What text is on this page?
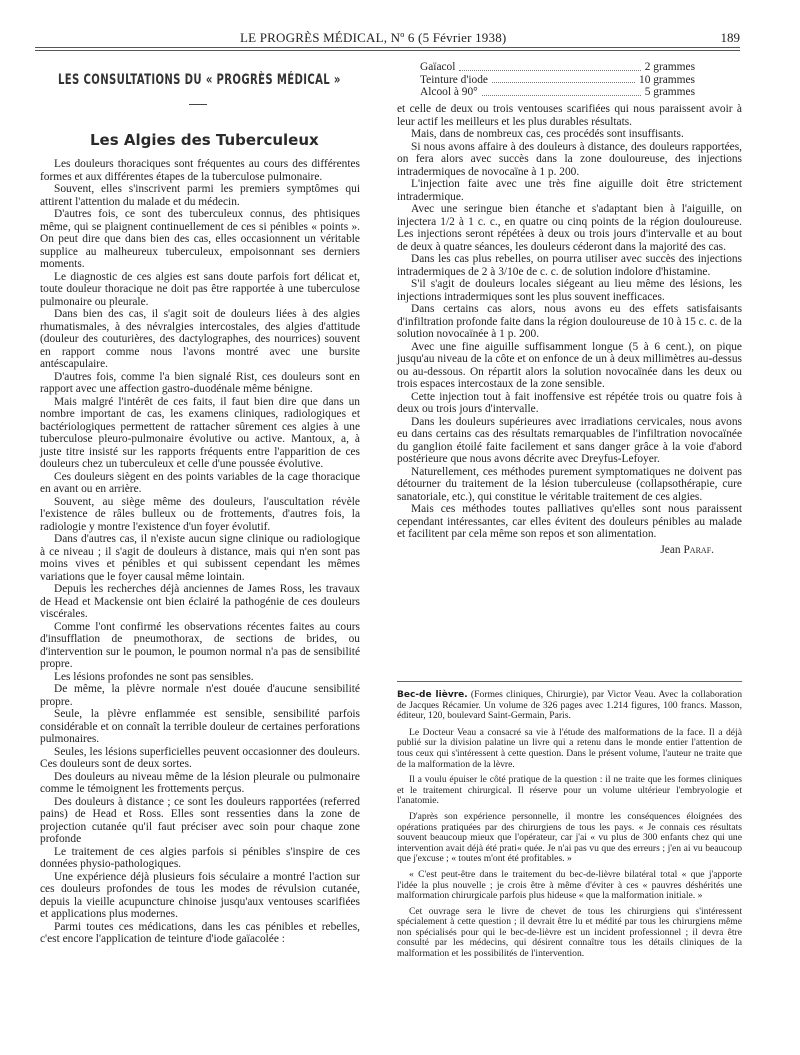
LE PROGRÈS MÉDICAL, Nº 6 (5 Février 1938)	189
LES CONSULTATIONS DU « PROGRÈS MÉDICAL »
Les Algies des Tuberculeux

Les douleurs thoraciques sont fréquentes au cours des différentes formes et aux différentes étapes de la tuberculose pulmonaire.

Souvent, elles s'inscrivent parmi les premiers symptômes qui attirent l'attention du malade et du médecin.

D'autres fois, ce sont des tuberculeux connus, des phtisiques même, qui se plaignent continuellement de ces si pénibles « points ». On peut dire que dans bien des cas, elles occasionnent un véritable supplice au malheureux tuberculeux, empoisonnant ses derniers moments.

Le diagnostic de ces algies est sans doute parfois fort délicat et, toute douleur thoracique ne doit pas être rapportée à une tuberculose pulmonaire ou pleurale.

Dans bien des cas, il s'agit soit de douleurs liées à des algies rhumatismales, à des névralgies intercostales, des algies d'attitude (douleur des couturières, des dactylographes, des nourrices) souvent en rapport comme nous l'avons montré avec une bursite antéscapulaire.

D'autres fois, comme l'a bien signalé Rist, ces douleurs sont en rapport avec une affection gastro-duodénale même bénigne.

Mais malgré l'intérêt de ces faits, il faut bien dire que dans un nombre important de cas, les examens cliniques, radiologiques et bactériologiques permettent de rattacher sûrement ces algies à une tuberculose pleuro-pulmonaire évolutive ou active. Mantoux, a, à juste titre insisté sur les rapports fréquents entre l'apparition de ces douleurs chez un tuberculeux et celle d'une poussée évolutive.

Ces douleurs siègent en des points variables de la cage thoracique en avant ou en arrière.

Souvent, au siège même des douleurs, l'auscultation révèle l'existence de râles bulleux ou de frottements, d'autres fois, la radiologie y montre l'existence d'un foyer évolutif.

Dans d'autres cas, il n'existe aucun signe clinique ou radiologique à ce niveau ; il s'agit de douleurs à distance, mais qui n'en sont pas moins vives et pénibles et qui subissent cependant les mêmes variations que le foyer causal même lointain.

Depuis les recherches déjà anciennes de James Ross, les travaux de Head et Mackensie ont bien éclairé la pathogénie de ces douleurs viscérales.

Comme l'ont confirmé les observations récentes faites au cours d'insufflation de pneumothorax, de sections de brides, ou d'intervention sur le poumon, le poumon normal n'a pas de sensibilité propre.

Les lésions profondes ne sont pas sensibles.

De même, la plèvre normale n'est douée d'aucune sensibilité propre.

Seule, la plèvre enflammée est sensible, sensibilité parfois considérable et on connaît la terrible douleur de certaines perforations pulmonaires.

Seules, les lésions superficielles peuvent occasionner des douleurs. Ces douleurs sont de deux sortes.

Des douleurs au niveau même de la lésion pleurale ou pulmonaire comme le témoignent les frottements perçus.

Des douleurs à distance ; ce sont les douleurs rapportées (referred pains) de Head et Ross. Elles sont ressenties dans la zone de projection cutanée qu'il faut préciser avec soin pour chaque zone profonde

Le traitement de ces algies parfois si pénibles s'inspire de ces données physio-pathologiques.

Une expérience déjà plusieurs fois séculaire a montré l'action sur ces douleurs profondes de tous les modes de révulsion cutanée, depuis la vieille acupuncture chinoise jusqu'aux ventouses scarifiées et applications plus modernes.

Parmi toutes ces médications, dans les cas pénibles et rebelles, c'est encore l'application de teinture d'iode gaïacolée :

Gaïacol	2 grammes
Teinture d'iode	10 grammes
Alcool à 90°	5 grammes

et celle de deux ou trois ventouses scarifiées qui nous paraissent avoir à leur actif les meilleurs et les plus durables résultats.

Mais, dans de nombreux cas, ces procédés sont insuffisants.

Si nous avons affaire à des douleurs à distance, des douleurs rapportées, on fera alors avec succès dans la zone douloureuse, des injections intradermiques de novocaïne à 1 p. 200.

L'injection faite avec une très fine aiguille doit être strictement intradermique.

Avec une seringue bien étanche et s'adaptant bien à l'aiguille, on injectera 1/2 à 1 c. c., en quatre ou cinq points de la région douloureuse. Les injections seront répétées à deux ou trois jours d'intervalle et au bout de deux à quatre séances, les douleurs céderont dans la majorité des cas.

Dans les cas plus rebelles, on pourra utiliser avec succès des injections intradermiques de 2 à 3/10e de c. c. de solution indolore d'histamine.

S'il s'agit de douleurs locales siégeant au lieu même des lésions, les injections intradermiques sont les plus souvent inefficaces.

Dans certains cas alors, nous avons eu des effets satisfaisants d'infiltration profonde faite dans la région douloureuse de 10 à 15 c. c. de la solution novocaïnée à 1 p. 200.

Avec une fine aiguille suffisamment longue (5 à 6 cent.), on pique jusqu'au niveau de la côte et on enfonce de un à deux millimètres au-dessus ou au-dessous. On répartit alors la solution novocaïnée dans les deux ou trois espaces intercostaux de la zone sensible.

Cette injection tout à fait inoffensive est répétée trois ou quatre fois à deux ou trois jours d'intervalle.

Dans les douleurs supérieures avec irradiations cervicales, nous avons eu dans certains cas des résultats remarquables de l'infiltration novocaïnée du ganglion étoilé faite facilement et sans danger grâce à la voie d'abord postérieure que nous avons décrite avec Dreyfus-Lefoyer.

Naturellement, ces méthodes purement symptomatiques ne doivent pas détourner du traitement de la lésion tuberculeuse (collapsothérapie, cure sanatoriale, etc.), qui constitue le véritable traitement de ces algies.

Mais ces méthodes toutes palliatives qu'elles sont nous paraissent cependant intéressantes, car elles évitent des douleurs pénibles au malade et facilitent par cela même son repos et son alimentation.

Jean Paraf.

Bec-de lièvre. (Formes cliniques, Chirurgie), par Victor Veau. Avec la collaboration de Jacques Récamier. Un volume de 326 pages avec 1.214 figures, 100 francs. Masson, éditeur, 120, boulevard Saint-Germain, Paris.

Le Docteur Veau a consacré sa vie à l'étude des malformations de la face. Il a déjà publié sur la division palatine un livre qui a retenu dans le monde entier l'attention de tous ceux qui s'intéressent à cette question. Dans le présent volume, l'auteur ne traite que de la malformation de la lèvre.

Il a voulu épuiser le côté pratique de la question : il ne traite que les formes cliniques et le traitement chirurgical. Il réserve pour un volume ultérieur l'embryologie et l'anatomie.

D'après son expérience personnelle, il montre les conséquences éloignées des opérations pratiquées par des chirurgiens de tous les pays. « Je connais ces résultats souvent beaucoup mieux que l'opérateur, car j'ai « vu plus de 300 enfants chez qui une intervention avait déjà été prati« quée. Je n'ai pas vu que des erreurs ; j'en ai vu beaucoup que j'excuse ; « toutes m'ont été profitables. »

« C'est peut-être dans le traitement du bec-de-lièvre bilatéral total « que j'apporte l'idée la plus nouvelle ; je crois être à même d'éviter à ces « pauvres déshérités une malformation chirurgicale parfois plus hideuse « que la malformation initiale. »

Cet ouvrage sera le livre de chevet de tous les chirurgiens qui s'intéressent spécialement à cette question ; il devrait être lu et médité par tous les chirurgiens même non spécialisés pour qui le bec-de-lièvre est un incident professionnel ; il devra être consulté par les médecins, qui désirent connaître tous les détails cliniques de la malformation et les possibilités de l'intervention.
